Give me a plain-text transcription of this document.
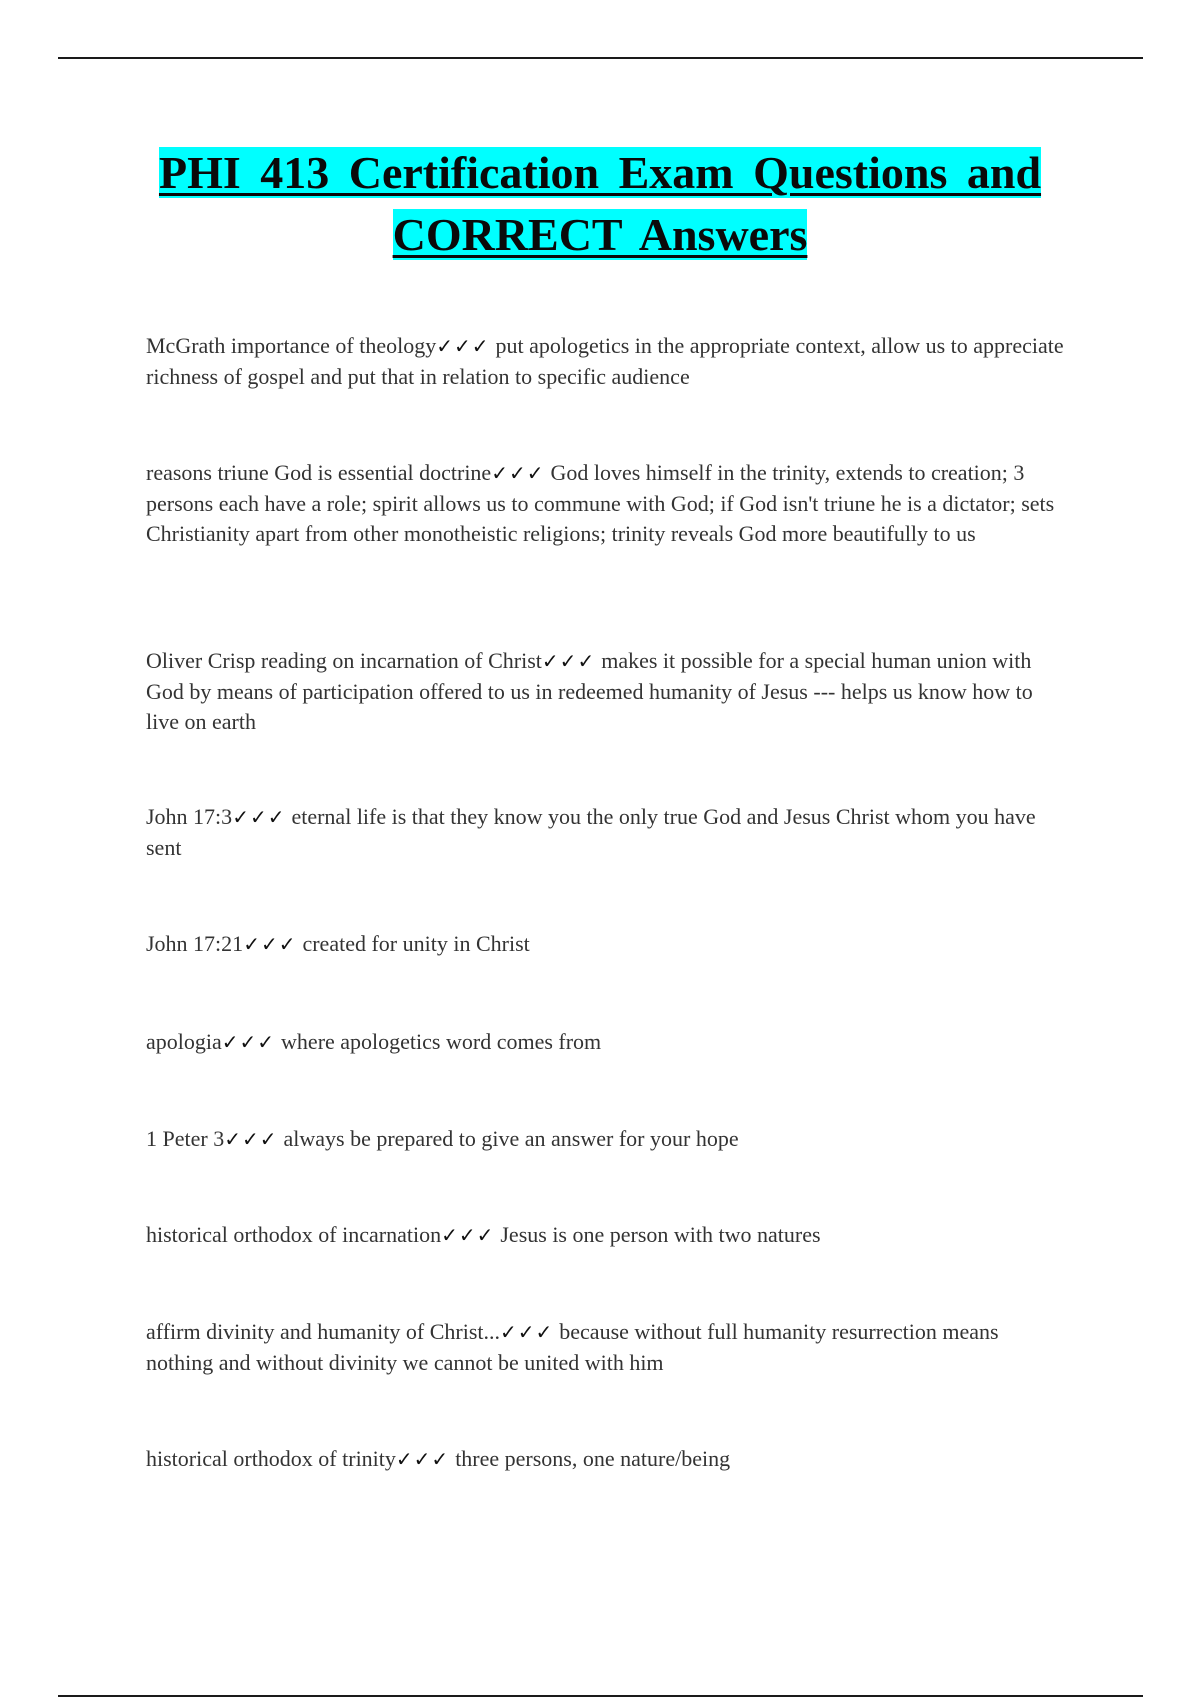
PHI 413 Certification Exam Questions and CORRECT Answers
McGrath importance of theology✓✓✓ put apologetics in the appropriate context, allow us to appreciate richness of gospel and put that in relation to specific audience
reasons triune God is essential doctrine✓✓✓ God loves himself in the trinity, extends to creation; 3 persons each have a role; spirit allows us to commune with God; if God isn't triune he is a dictator; sets Christianity apart from other monotheistic religions; trinity reveals God more beautifully to us
Oliver Crisp reading on incarnation of Christ✓✓✓ makes it possible for a special human union with God by means of participation offered to us in redeemed humanity of Jesus --- helps us know how to live on earth
John 17:3✓✓✓ eternal life is that they know you the only true God and Jesus Christ whom you have sent
John 17:21✓✓✓ created for unity in Christ
apologia✓✓✓ where apologetics word comes from
1 Peter 3✓✓✓ always be prepared to give an answer for your hope
historical orthodox of incarnation✓✓✓ Jesus is one person with two natures
affirm divinity and humanity of Christ...✓✓✓ because without full humanity resurrection means nothing and without divinity we cannot be united with him
historical orthodox of trinity✓✓✓ three persons, one nature/being
